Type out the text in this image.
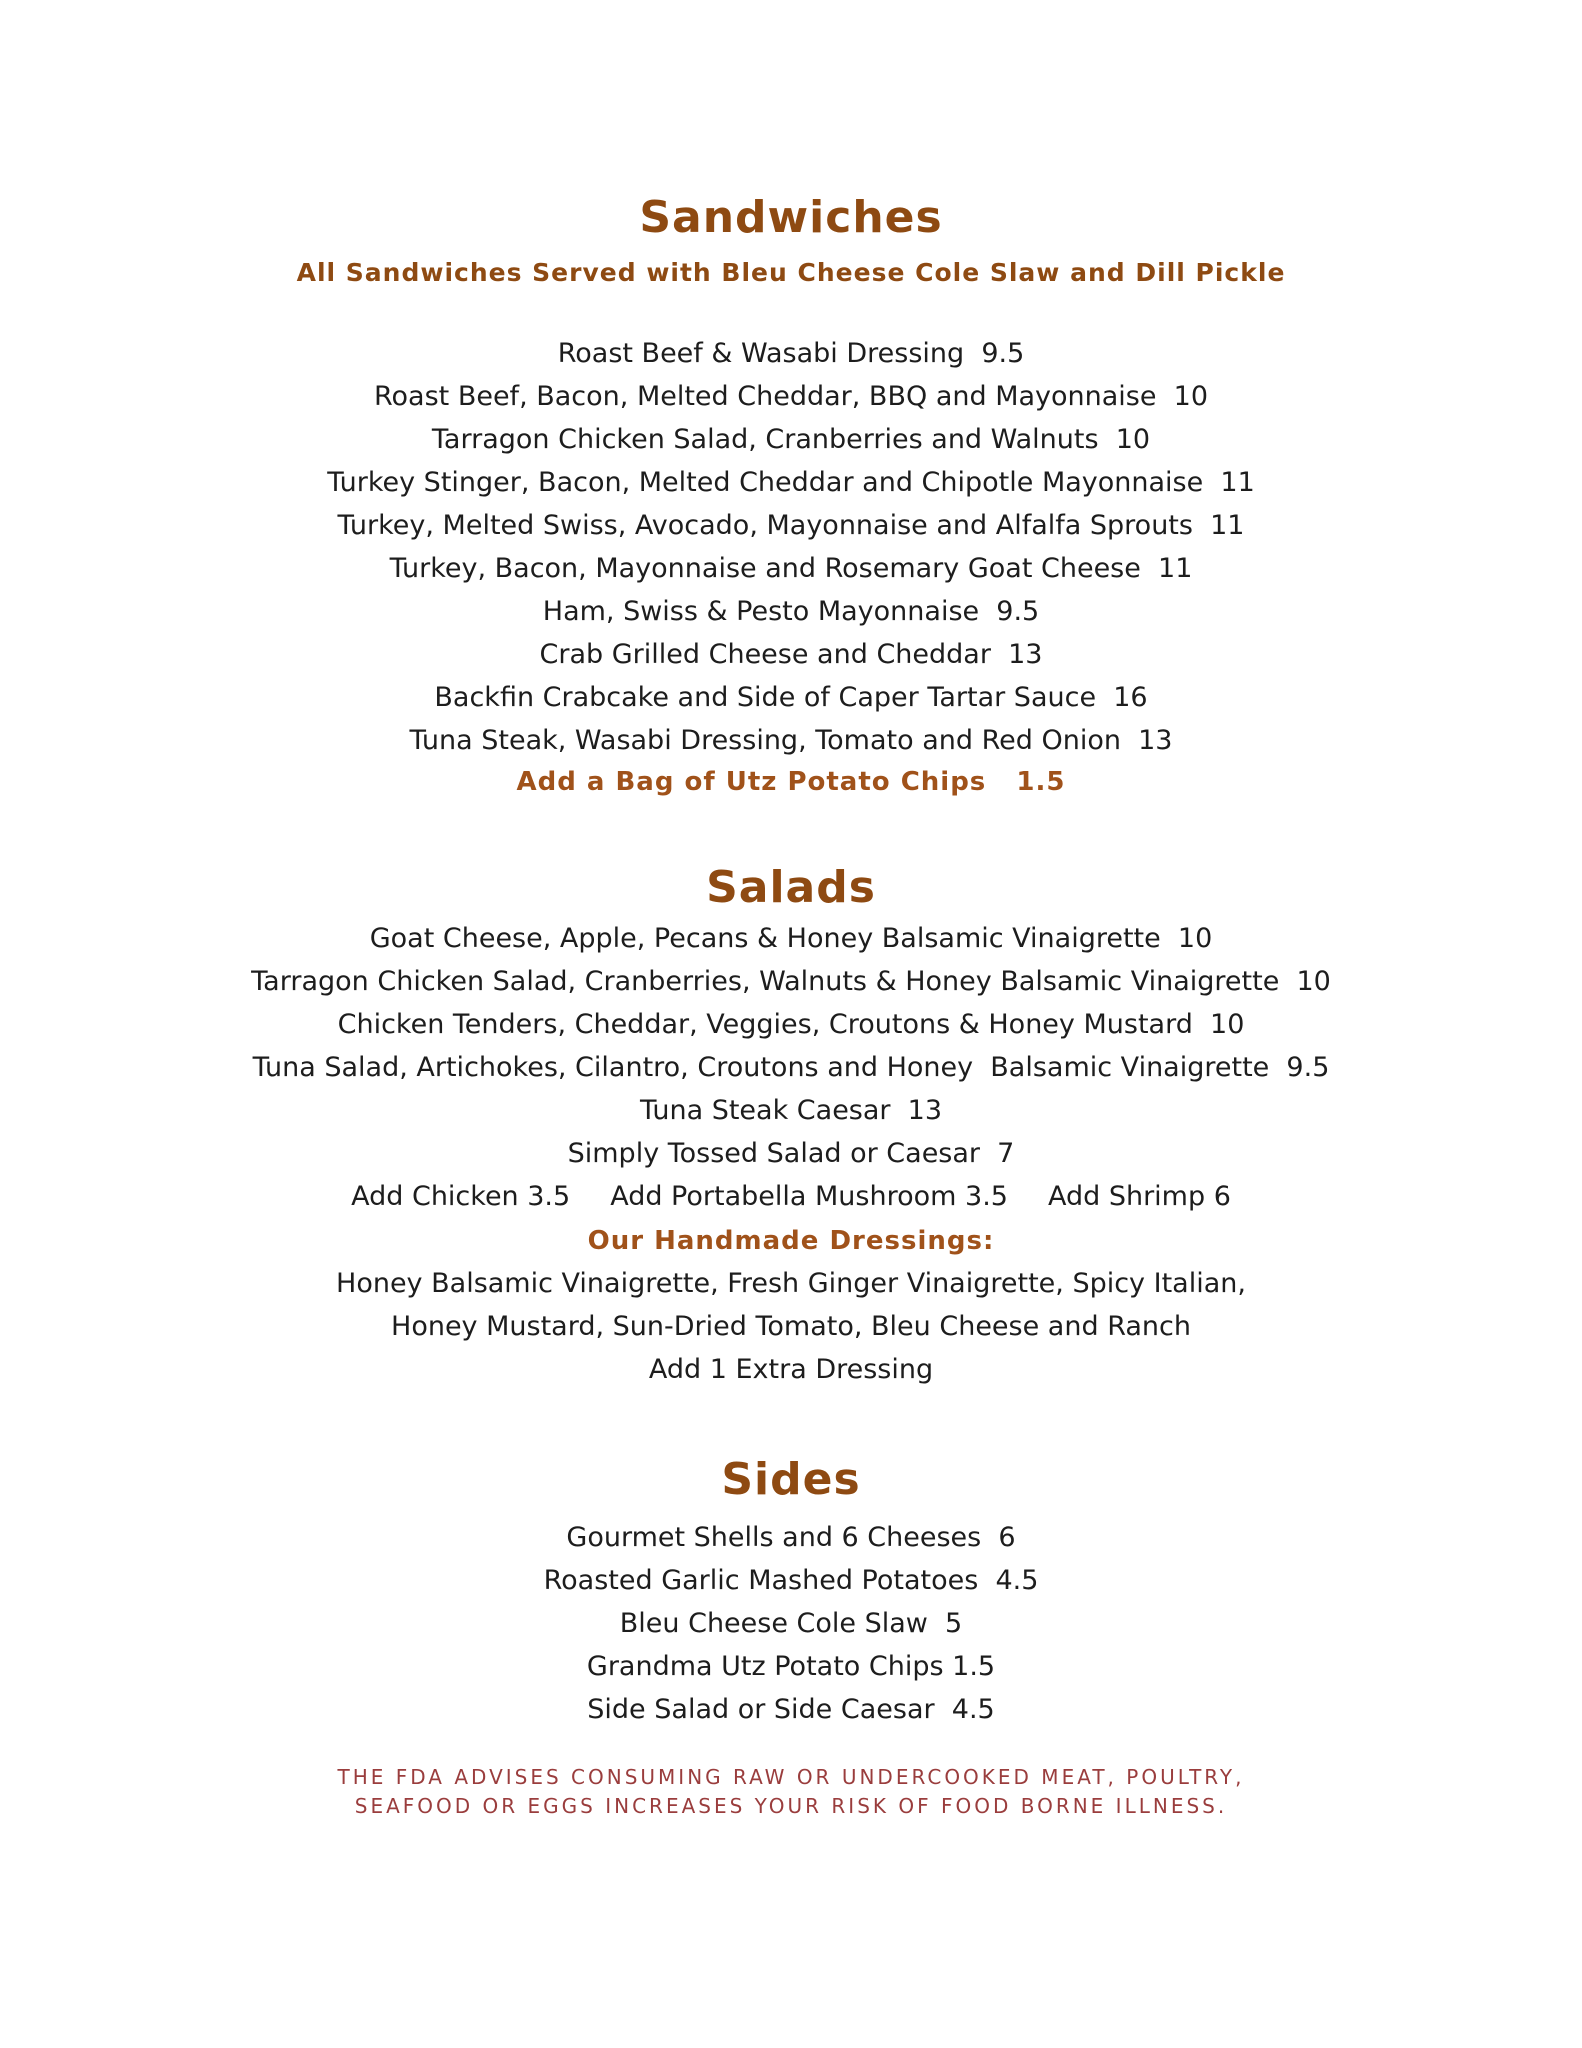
Sandwiches
All Sandwiches Served with Bleu Cheese Cole Slaw and Dill Pickle
Roast Beef & Wasabi Dressing  9.5
Roast Beef, Bacon, Melted Cheddar, BBQ and Mayonnaise  10
Tarragon Chicken Salad, Cranberries and Walnuts  10
Turkey Stinger, Bacon, Melted Cheddar and Chipotle Mayonnaise  11
Turkey, Melted Swiss, Avocado, Mayonnaise and Alfalfa Sprouts  11
Turkey, Bacon, Mayonnaise and Rosemary Goat Cheese  11
Ham, Swiss & Pesto Mayonnaise  9.5
Crab Grilled Cheese and Cheddar  13
Backfin Crabcake and Side of Caper Tartar Sauce  16
Tuna Steak, Wasabi Dressing, Tomato and Red Onion  13
Add a Bag of Utz Potato Chips   1.5
Salads
Goat Cheese, Apple, Pecans & Honey Balsamic Vinaigrette  10
Tarragon Chicken Salad, Cranberries, Walnuts & Honey Balsamic Vinaigrette  10
Chicken Tenders, Cheddar, Veggies, Croutons & Honey Mustard  10
Tuna Salad, Artichokes, Cilantro, Croutons and Honey  Balsamic Vinaigrette  9.5
Tuna Steak Caesar  13
Simply Tossed Salad or Caesar  7
Add Chicken 3.5 Add Portabella Mushroom 3.5 Add Shrimp 6
Our Handmade Dressings:
Honey Balsamic Vinaigrette, Fresh Ginger Vinaigrette, Spicy Italian,
Honey Mustard, Sun-Dried Tomato, Bleu Cheese and Ranch
Add 1 Extra Dressing
Sides
Gourmet Shells and 6 Cheeses  6
Roasted Garlic Mashed Potatoes  4.5
Bleu Cheese Cole Slaw  5
Grandma Utz Potato Chips 1.5
Side Salad or Side Caesar  4.5
THE FDA ADVISES CONSUMING RAW OR UNDERCOOKED MEAT, POULTRY,
SEAFOOD OR EGGS INCREASES YOUR RISK OF FOOD BORNE ILLNESS.
